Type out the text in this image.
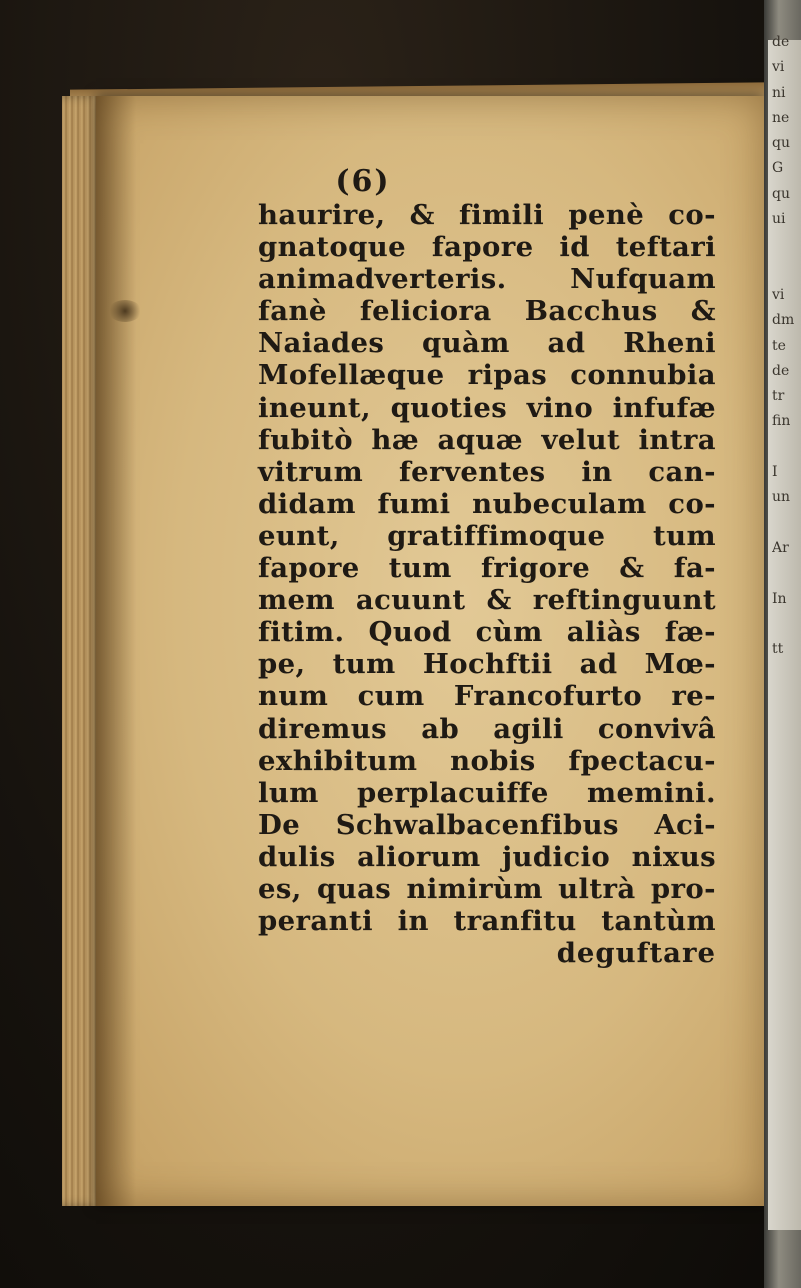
de
vi
ni
ne
qu
G
qu
ui
vi
dm
te
de
tr
fin
I
un
Ar
In
tt
(6)
haurire, & fimili penè co-
gnatoque fapore id teftari
animadverteris. Nufquam
fanè feliciora Bacchus &
Naiades quàm ad Rheni
Mofellæque ripas connubia
ineunt, quoties vino infufæ
fubitò hæ aquæ velut intra
vitrum ferventes in can-
didam fumi nubeculam co-
eunt, gratiffimoque tum
fapore tum frigore & fa-
mem acuunt & reftinguunt
fitim. Quod cùm aliàs fæ-
pe, tum Hochftii ad Mœ-
num cum Francofurto re-
diremus ab agili convivâ
exhibitum nobis fpectacu-
lum perplacuiffe memini.
De Schwalbacenfibus Aci-
dulis aliorum judicio nixus
es, quas nimirùm ultrà pro-
peranti in tranfitu tantùm
deguftare
